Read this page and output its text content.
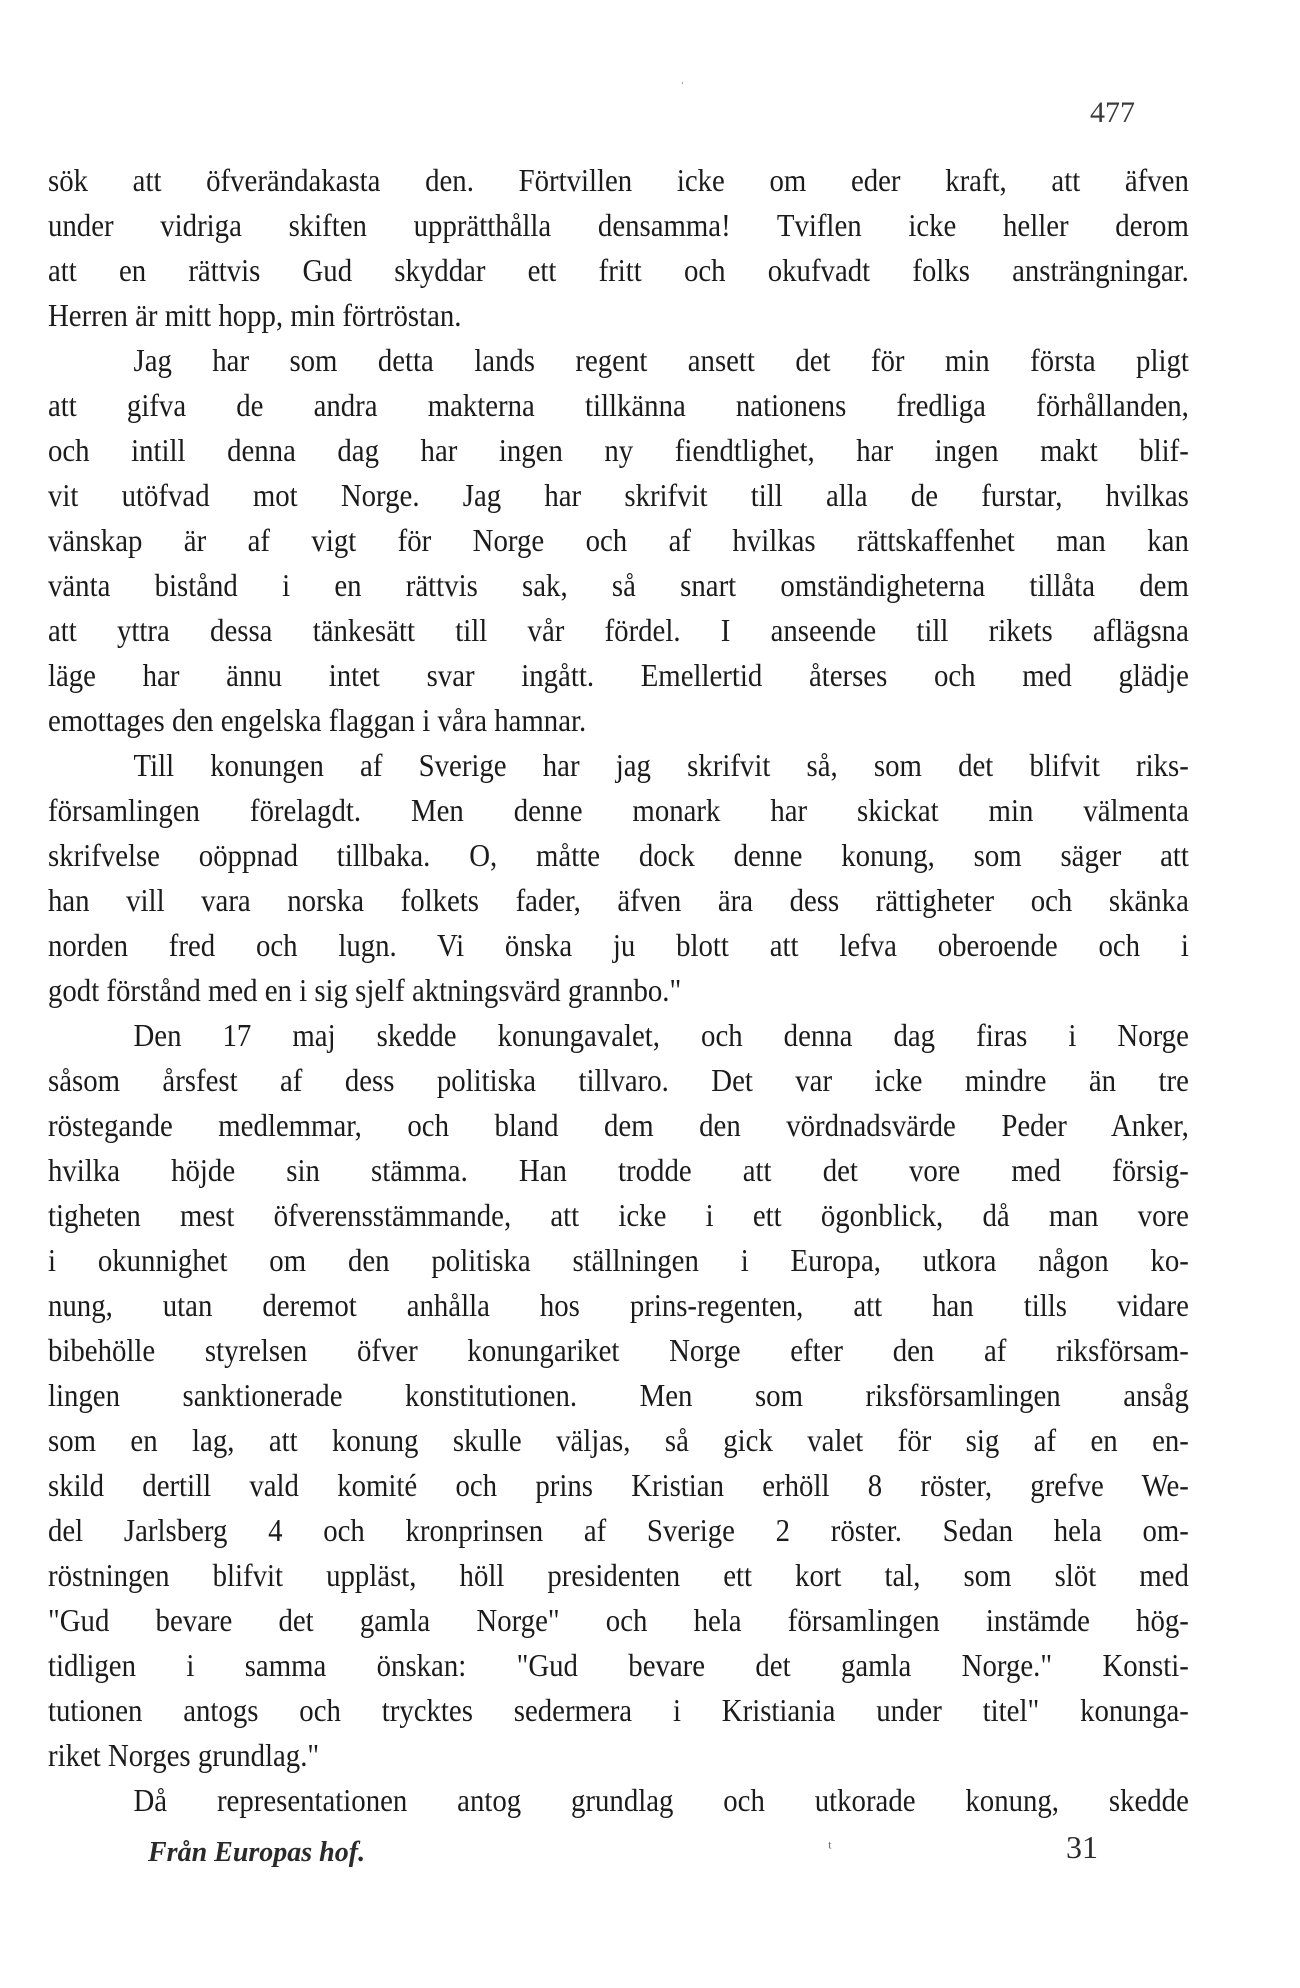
ˌ
477
sök att öfverändakasta den. Förtvillen icke om eder kraft, att äfven
under vidriga skiften upprätthålla densamma! Tviflen icke heller derom
att en rättvis Gud skyddar ett fritt och okufvadt folks ansträngningar.
Herren är mitt hopp, min förtröstan.
Jag har som detta lands regent ansett det för min första pligt
att gifva de andra makterna tillkänna nationens fredliga förhållanden,
och intill denna dag har ingen ny fiendtlighet, har ingen makt blif-
vit utöfvad mot Norge. Jag har skrifvit till alla de furstar, hvilkas
vänskap är af vigt för Norge och af hvilkas rättskaffenhet man kan
vänta bistånd i en rättvis sak, så snart omständigheterna tillåta dem
att yttra dessa tänkesätt till vår fördel. I anseende till rikets aflägsna
läge har ännu intet svar ingått. Emellertid återses och med glädje
emottages den engelska flaggan i våra hamnar.
Till konungen af Sverige har jag skrifvit så, som det blifvit riks-
församlingen förelagdt. Men denne monark har skickat min välmenta
skrifvelse oöppnad tillbaka. O, måtte dock denne konung, som säger att
han vill vara norska folkets fader, äfven ära dess rättigheter och skänka
norden fred och lugn. Vi önska ju blott att lefva oberoende och i
godt förstånd med en i sig sjelf aktningsvärd grannbo."
Den 17 maj skedde konungavalet, och denna dag firas i Norge
såsom årsfest af dess politiska tillvaro. Det var icke mindre än tre
röstegande medlemmar, och bland dem den vördnadsvärde Peder Anker,
hvilka höjde sin stämma. Han trodde att det vore med försig-
tigheten mest öfverensstämmande, att icke i ett ögonblick, då man vore
i okunnighet om den politiska ställningen i Europa, utkora någon ko-
nung, utan deremot anhålla hos prins-regenten, att han tills vidare
bibehölle styrelsen öfver konungariket Norge efter den af riksförsam-
lingen sanktionerade konstitutionen. Men som riksförsamlingen ansåg
som en lag, att konung skulle väljas, så gick valet för sig af en en-
skild dertill vald komité och prins Kristian erhöll 8 röster, grefve We-
del Jarlsberg 4 och kronprinsen af Sverige 2 röster. Sedan hela om-
röstningen blifvit uppläst, höll presidenten ett kort tal, som slöt med
"Gud bevare det gamla Norge" och hela församlingen instämde hög-
tidligen i samma önskan: "Gud bevare det gamla Norge." Konsti-
tutionen antogs och trycktes sedermera i Kristiania under titel" konunga-
riket Norges grundlag."
Då representationen antog grundlag och utkorade konung, skedde
Från Europas hof.	ᵗ	31
